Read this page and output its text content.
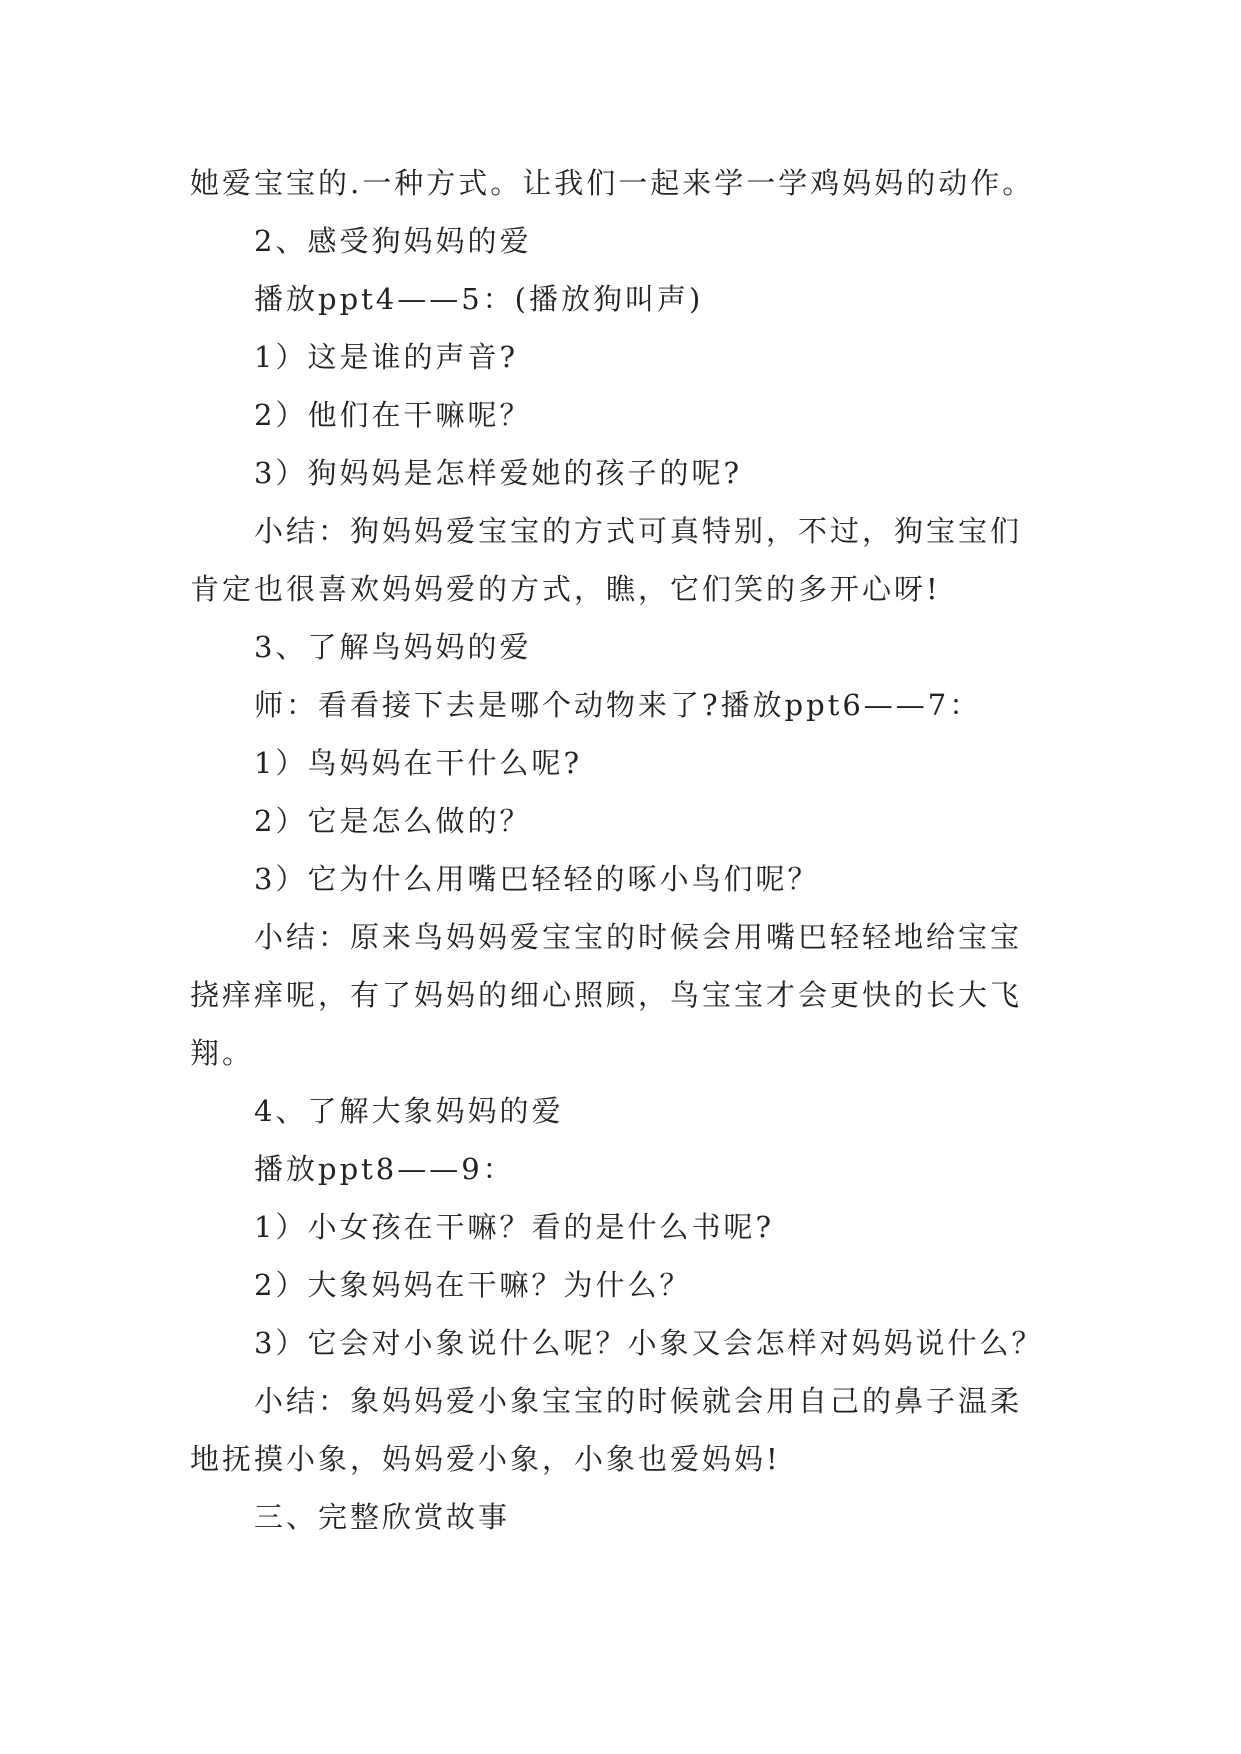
她爱宝宝的.一种方式。让我们一起来学一学鸡妈妈的动作。
2、感受狗妈妈的爱
播放ppt4——5：(播放狗叫声)
1）这是谁的声音?
2）他们在干嘛呢？
3）狗妈妈是怎样爱她的孩子的呢?
小结：狗妈妈爱宝宝的方式可真特别，不过，狗宝宝们
肯定也很喜欢妈妈爱的方式，瞧，它们笑的多开心呀!
3、了解鸟妈妈的爱
师：看看接下去是哪个动物来了?播放ppt6——7：
1）鸟妈妈在干什么呢?
2）它是怎么做的？
3）它为什么用嘴巴轻轻的啄小鸟们呢？
小结：原来鸟妈妈爱宝宝的时候会用嘴巴轻轻地给宝宝
挠痒痒呢，有了妈妈的细心照顾，鸟宝宝才会更快的长大飞
翔。
4、了解大象妈妈的爱
播放ppt8——9：
1）小女孩在干嘛？看的是什么书呢?
2）大象妈妈在干嘛？为什么？
3）它会对小象说什么呢？小象又会怎样对妈妈说什么？
小结：象妈妈爱小象宝宝的时候就会用自己的鼻子温柔
地抚摸小象，妈妈爱小象，小象也爱妈妈!
三、完整欣赏故事
